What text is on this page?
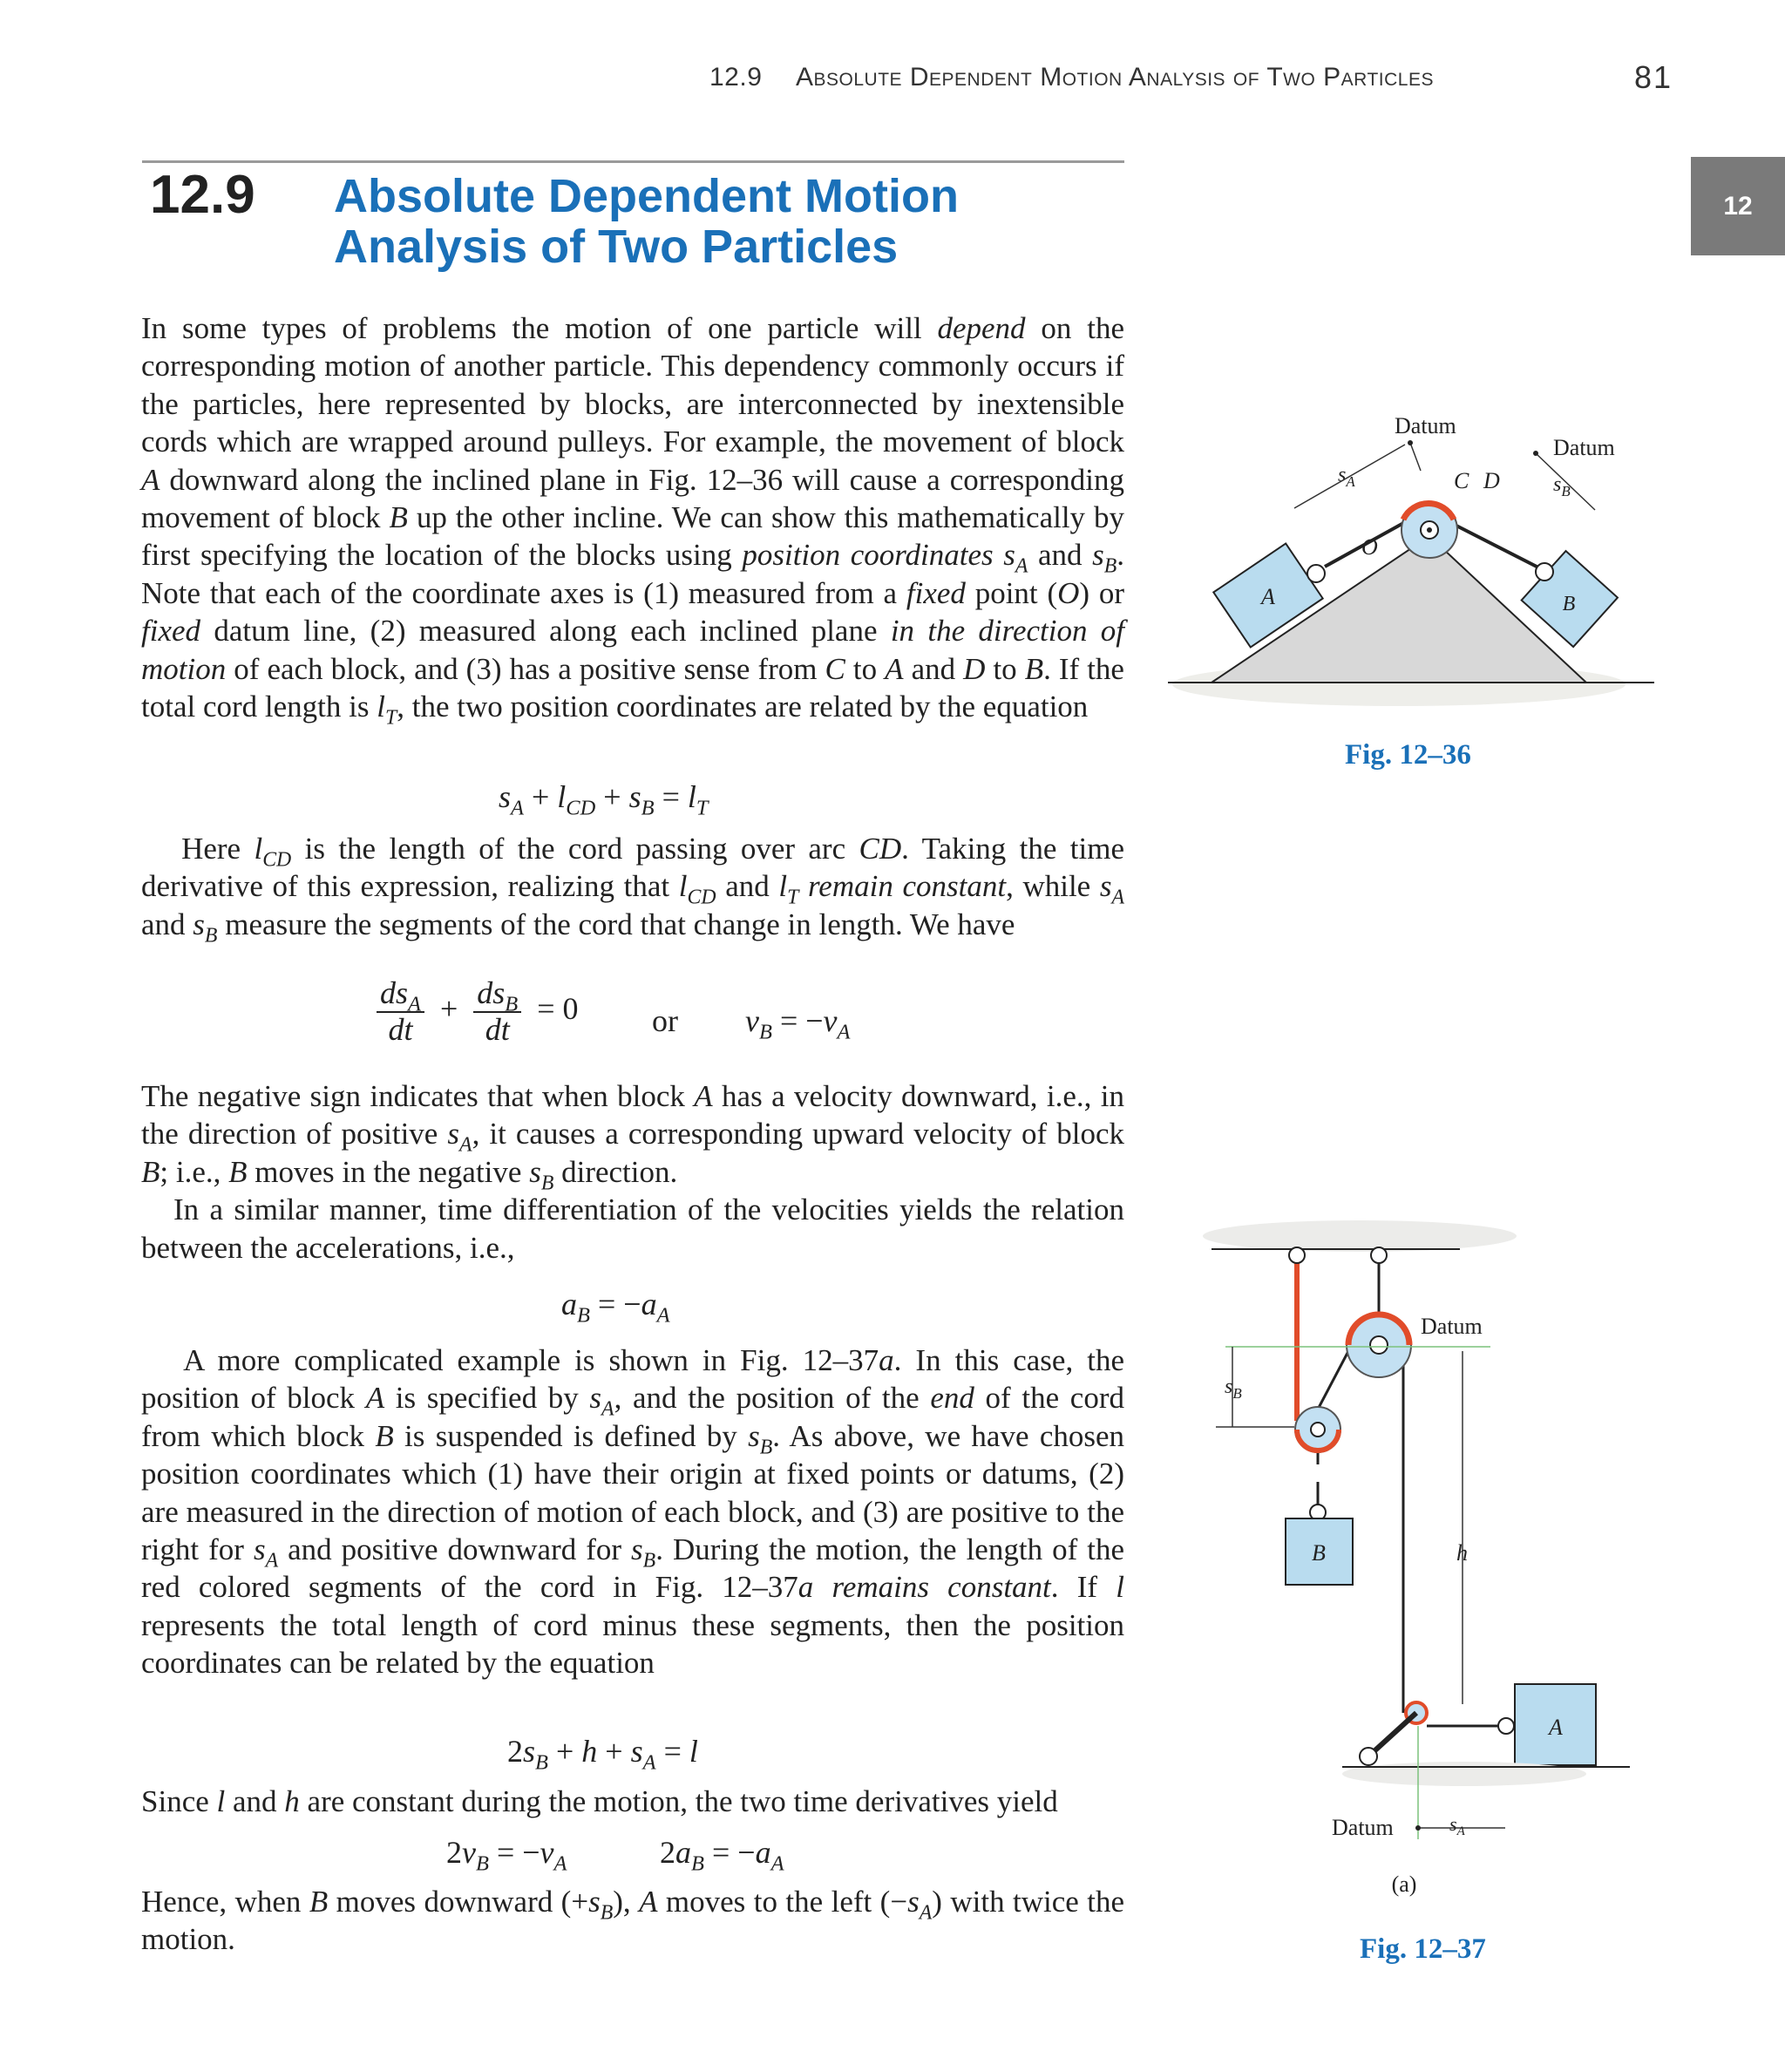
12.9 Absolute Dependent Motion Analysis of Two Particles	81
12
12.9 Absolute Dependent Motion Analysis of Two Particles
In some types of problems the motion of one particle will depend on the corresponding motion of another particle. This dependency commonly occurs if the particles, here represented by blocks, are interconnected by inextensible cords which are wrapped around pulleys. For example, the movement of block A downward along the inclined plane in Fig. 12–36 will cause a corresponding movement of block B up the other incline. We can show this mathematically by first specifying the location of the blocks using position coordinates $s_A$ and $s_B$. Note that each of the coordinate axes is (1) measured from a fixed point (O) or fixed datum line, (2) measured along each inclined plane in the direction of motion of each block, and (3) has a positive sense from C to A and D to B. If the total cord length is $l_T$, the two position coordinates are related by the equation
$s_A + l_{CD} + s_B = l_T$
Here $l_{CD}$ is the length of the cord passing over arc CD. Taking the time derivative of this expression, realizing that $l_{CD}$ and $l_T$ remain constant, while $s_A$ and $s_B$ measure the segments of the cord that change in length. We have
$\frac{ds_A}{dt} + \frac{ds_B}{dt} = 0$ or $v_B = -v_A$
The negative sign indicates that when block A has a velocity downward, i.e., in the direction of positive $s_A$, it causes a corresponding upward velocity of block B; i.e., B moves in the negative $s_B$ direction.
In a similar manner, time differentiation of the velocities yields the relation between the accelerations, i.e.,
$a_B = -a_A$
A more complicated example is shown in Fig. 12–37a. In this case, the position of block A is specified by $s_A$, and the position of the end of the cord from which block B is suspended is defined by $s_B$. As above, we have chosen position coordinates which (1) have their origin at fixed points or datums, (2) are measured in the direction of motion of each block, and (3) are positive to the right for $s_A$ and positive downward for $s_B$. During the motion, the length of the red colored segments of the cord in Fig. 12–37a remains constant. If l represents the total length of cord minus these segments, then the position coordinates can be related by the equation
$2s_B + h + s_A = l$
Since l and h are constant during the motion, the two time derivatives yield
$2v_B = -v_A$	$2a_B = -a_A$
Hence, when B moves downward $(+s_B)$, A moves to the left $(-s_A)$ with twice the motion.
A	B
Datum
C D
O
Datum
$s_A$	$s_B$
Fig. 12–36
B
Datum
$s_B$
h
A
Datum	$s_A$
(a)
Fig. 12–37
